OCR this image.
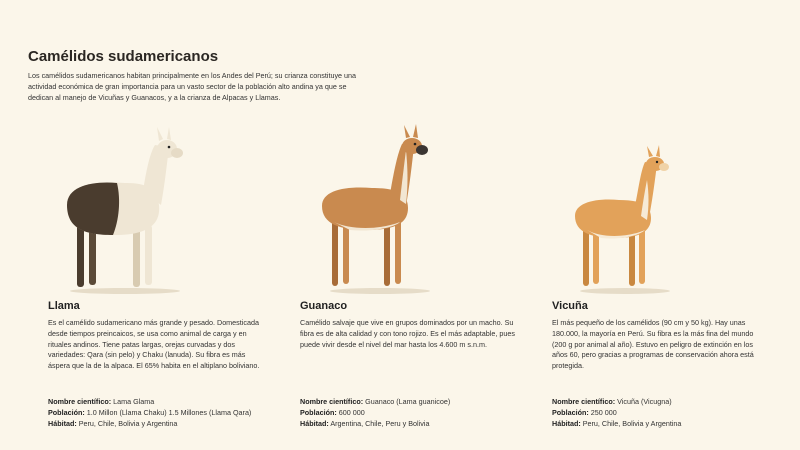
Camélidos sudamericanos

Los camélidos sudamericanos habitan principalmente en los Andes del Perú; su crianza constituye una actividad económica de gran importancia para un vasto sector de la población alto andina ya que se dedican al manejo de Vicuñas y Guanacos, y a la crianza de Alpacas y Llamas.

Llama

Es el camélido sudamericano más grande y pesado. Domesticada desde tiempos preincaicos, se usa como animal de carga y en rituales andinos. Tiene patas largas, orejas curvadas y dos variedades: Qara (sin pelo) y Chaku (lanuda). Su fibra es más áspera que la de la alpaca. El 65% habita en el altiplano boliviano.

Nombre científico: Lama Glama
Población: 1.0 Millon (Llama Chaku) 1.5 Millones (Llama Qara)
Hábitad: Peru, Chile, Bolivia y Argentina
Guanaco

Camélido salvaje que vive en grupos dominados por un macho. Su fibra es de alta calidad y con tono rojizo. Es el más adaptable, pues puede vivir desde el nivel del mar hasta los 4.600 m s.n.m.

Nombre científico: Guanaco (Lama guanicoe)
Población: 600 000
Hábitad: Argentina, Chile, Peru y Bolivia
Vicuña

El más pequeño de los camélidos (90 cm y 50 kg). Hay unas 180.000, la mayoría en Perú. Su fibra es la más fina del mundo (200 g por animal al año). Estuvo en peligro de extinción en los años 60, pero gracias a programas de conservación ahora está protegida.

Nombre científico: Vicuña (Vicugna)
Población: 250 000
Hábitad: Peru, Chile, Bolivia y Argentina
